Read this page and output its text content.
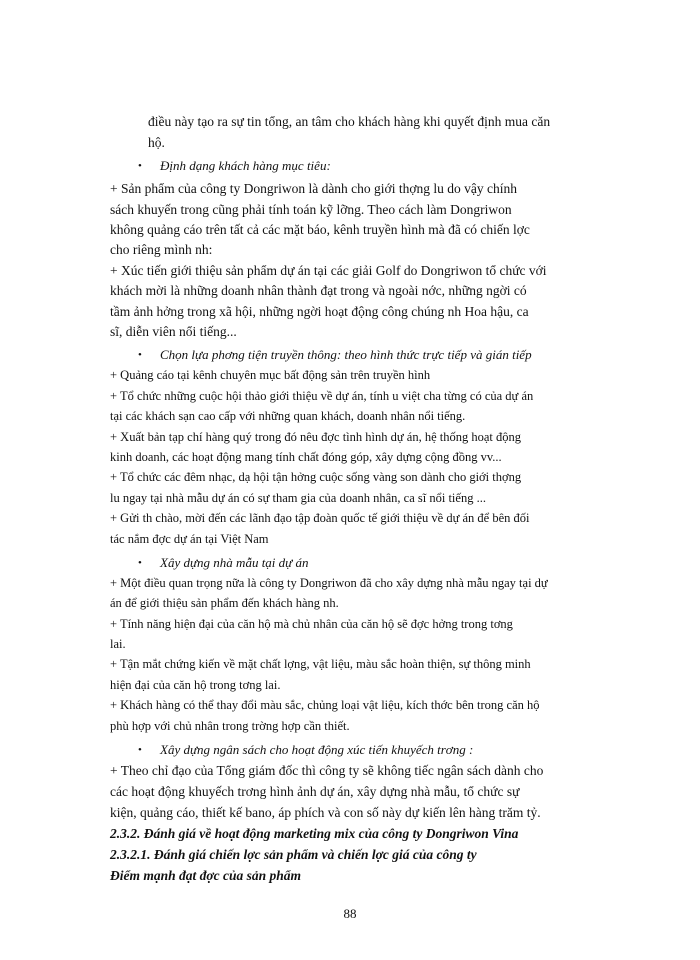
điều này tạo ra sự tin tổng, an tâm cho khách hàng khi quyết định mua căn
hộ.
• Định dạng khách hàng mục tiêu:
+ Sản phẩm của công ty Dongriwon là dành cho giới thợng lu do vậy chính
sách khuyến trong cũng phải tính toán kỹ lỡng. Theo cách làm Dongriwon
không quảng cáo trên tất cả các mặt báo, kênh truyền hình mà đã có chiến lợc
cho riêng mình nh:
+ Xúc tiến giới thiệu sản phẩm dự án tại các giải Golf do Dongriwon tổ chức với
khách mời là những doanh nhân thành đạt trong và ngoài nớc, những ngời có
tầm ảnh hởng trong xã hội, những ngời hoạt động công chúng nh Hoa hậu, ca
sĩ, diễn viên nổi tiếng...
• Chọn lựa phơng tiện truyền thông: theo hình thức trực tiếp và gián tiếp
+ Quảng cáo tại kênh chuyên mục bất động sản trên truyền hình
+ Tổ chức những cuộc hội thảo giới thiệu về dự án, tính u việt cha từng có của dự án
tại các khách sạn cao cấp với những quan khách, doanh nhân nổi tiếng.
+ Xuất bản tạp chí hàng quý trong đó nêu đợc tình hình dự án, hệ thống hoạt động
kinh doanh, các hoạt động mang tính chất đóng góp, xây dựng cộng đồng vv...
+ Tổ chức các đêm nhạc, dạ hội tận hởng cuộc sống vàng son dành cho giới thợng
lu ngay tại nhà mẫu dự án có sự tham gia của doanh nhân, ca sĩ nổi tiếng ...
+ Gửi th chào, mời đến các lãnh đạo tập đoàn quốc tế giới thiệu về dự án để bên đối
tác nắm đợc dự án tại Việt Nam
• Xây dựng nhà mẫu tại dự án
+ Một điều quan trọng nữa là công ty Dongriwon đã cho xây dựng nhà mẫu ngay tại dự
án để giới thiệu sản phẩm đến khách hàng nh.
+ Tính năng hiện đại của căn hộ mà chủ nhân của căn hộ sẽ đợc hởng trong tơng
lai.
+ Tận mắt chứng kiến về mặt chất lợng, vật liệu, màu sắc hoàn thiện, sự thông minh
hiện đại của căn hộ trong tơng lai.
+ Khách hàng có thể thay đổi màu sắc, chủng loại vật liệu, kích thớc bên trong căn hộ
phù hợp với chủ nhân trong trờng hợp cần thiết.
• Xây dựng ngân sách cho hoạt động xúc tiến khuyếch trơng :
+ Theo chỉ đạo của Tổng giám đốc thì công ty sẽ không tiếc ngân sách dành cho
các hoạt động khuyếch trơng hình ảnh dự án, xây dựng nhà mẫu, tổ chức sự
kiện, quảng cáo, thiết kế bano, áp phích và con số này dự kiến lên hàng trăm tỷ.
2.3.2. Đánh giá về hoạt động marketing mix của công ty Dongriwon Vina
2.3.2.1. Đánh giá chiến lợc sản phẩm và chiến lợc giá của công ty
Điểm mạnh đạt đợc của sản phẩm
88
